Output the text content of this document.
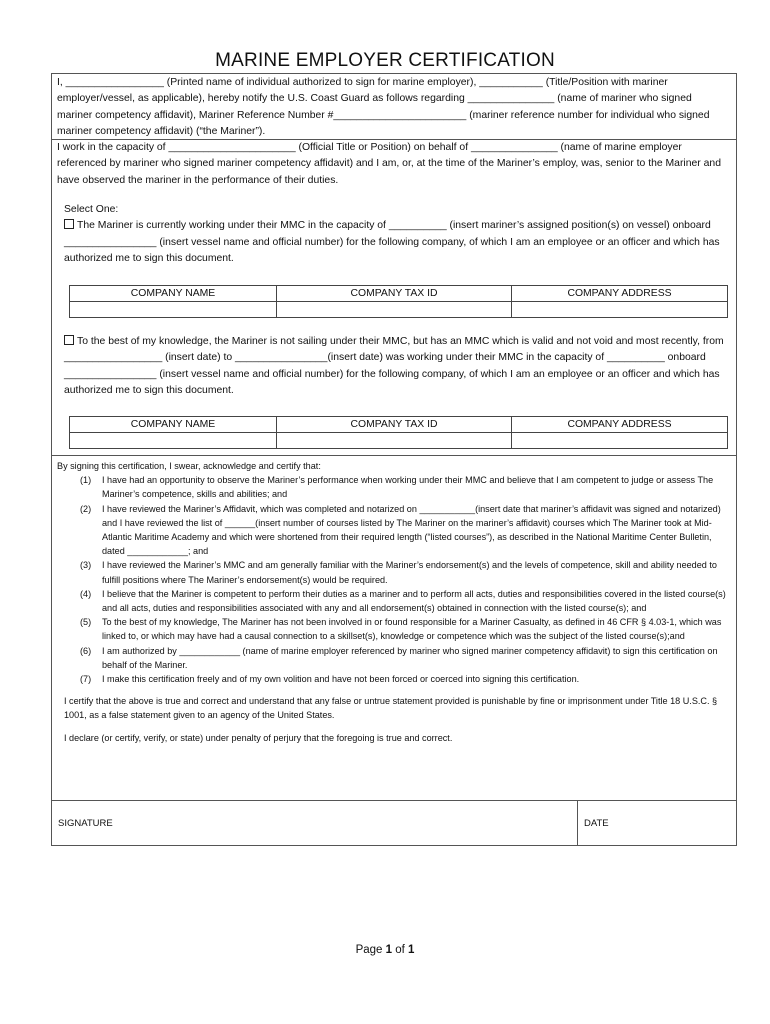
MARINE EMPLOYER CERTIFICATION
I, _________________ (Printed name of individual authorized to sign for marine employer), ___________ (Title/Position with mariner employer/vessel, as applicable), hereby notify the U.S. Coast Guard as follows regarding _______________ (name of mariner who signed mariner competency affidavit), Mariner Reference Number #_______________________ (mariner reference number for individual who signed mariner competency affidavit) (“the Mariner”).
I work in the capacity of ______________________ (Official Title or Position) on behalf of _______________ (name of marine employer referenced by mariner who signed mariner competency affidavit) and I am, or, at the time of the Mariner’s employ, was, senior to the Mariner and have observed the mariner in the performance of their duties.
Select One:
The Mariner is currently working under their MMC in the capacity of __________ (insert mariner’s assigned position(s) on vessel) onboard ________________ (insert vessel name and official number) for the following company, of which I am an employee or an officer and which has authorized me to sign this document.
COMPANY NAME	COMPANY TAX ID	COMPANY ADDRESS

To the best of my knowledge, the Mariner is not sailing under their MMC, but has an MMC which is valid and not void and most recently, from _________________ (insert date) to ________________(insert date) was working under their MMC in the capacity of __________ onboard ________________ (insert vessel name and official number) for the following company, of which I am an employee or an officer and which has authorized me to sign this document.
COMPANY NAME	COMPANY TAX ID	COMPANY ADDRESS

By signing this certification, I swear, acknowledge and certify that:
(1) I have had an opportunity to observe the Mariner’s performance when working under their MMC and believe that I am competent to judge or assess The Mariner’s competence, skills and abilities; and
(2) I have reviewed the Mariner’s Affidavit, which was completed and notarized on ___________(insert date that mariner’s affidavit was signed and notarized) and I have reviewed the list of ______(insert number of courses listed by The Mariner on the mariner’s affidavit) courses which The Mariner took at Mid-Atlantic Maritime Academy and which were shortened from their required length (“listed courses”), as described in the National Maritime Center Bulletin, dated ____________; and
(3) I have reviewed the Mariner’s MMC and am generally familiar with the Mariner’s endorsement(s) and the levels of competence, skill and ability needed to fulfill positions where The Mariner’s endorsement(s) would be required.
(4) I believe that the Mariner is competent to perform their duties as a mariner and to perform all acts, duties and responsibilities covered in the listed course(s) and all acts, duties and responsibilities associated with any and all endorsement(s) obtained in connection with the listed course(s); and
(5) To the best of my knowledge, The Mariner has not been involved in or found responsible for a Mariner Casualty, as defined in 46 CFR § 4.03-1, which was linked to, or which may have had a causal connection to a skillset(s), knowledge or competence which was the subject of the listed course(s);and
(6) I am authorized by ____________ (name of marine employer referenced by mariner who signed mariner competency affidavit) to sign this certification on behalf of the Mariner.
(7) I make this certification freely and of my own volition and have not been forced or coerced into signing this certification.
I certify that the above is true and correct and understand that any false or untrue statement provided is punishable by fine or imprisonment under Title 18 U.S.C. § 1001, as a false statement given to an agency of the United States.
I declare (or certify, verify, or state) under penalty of perjury that the foregoing is true and correct.
SIGNATURE	DATE
Page 1 of 1
